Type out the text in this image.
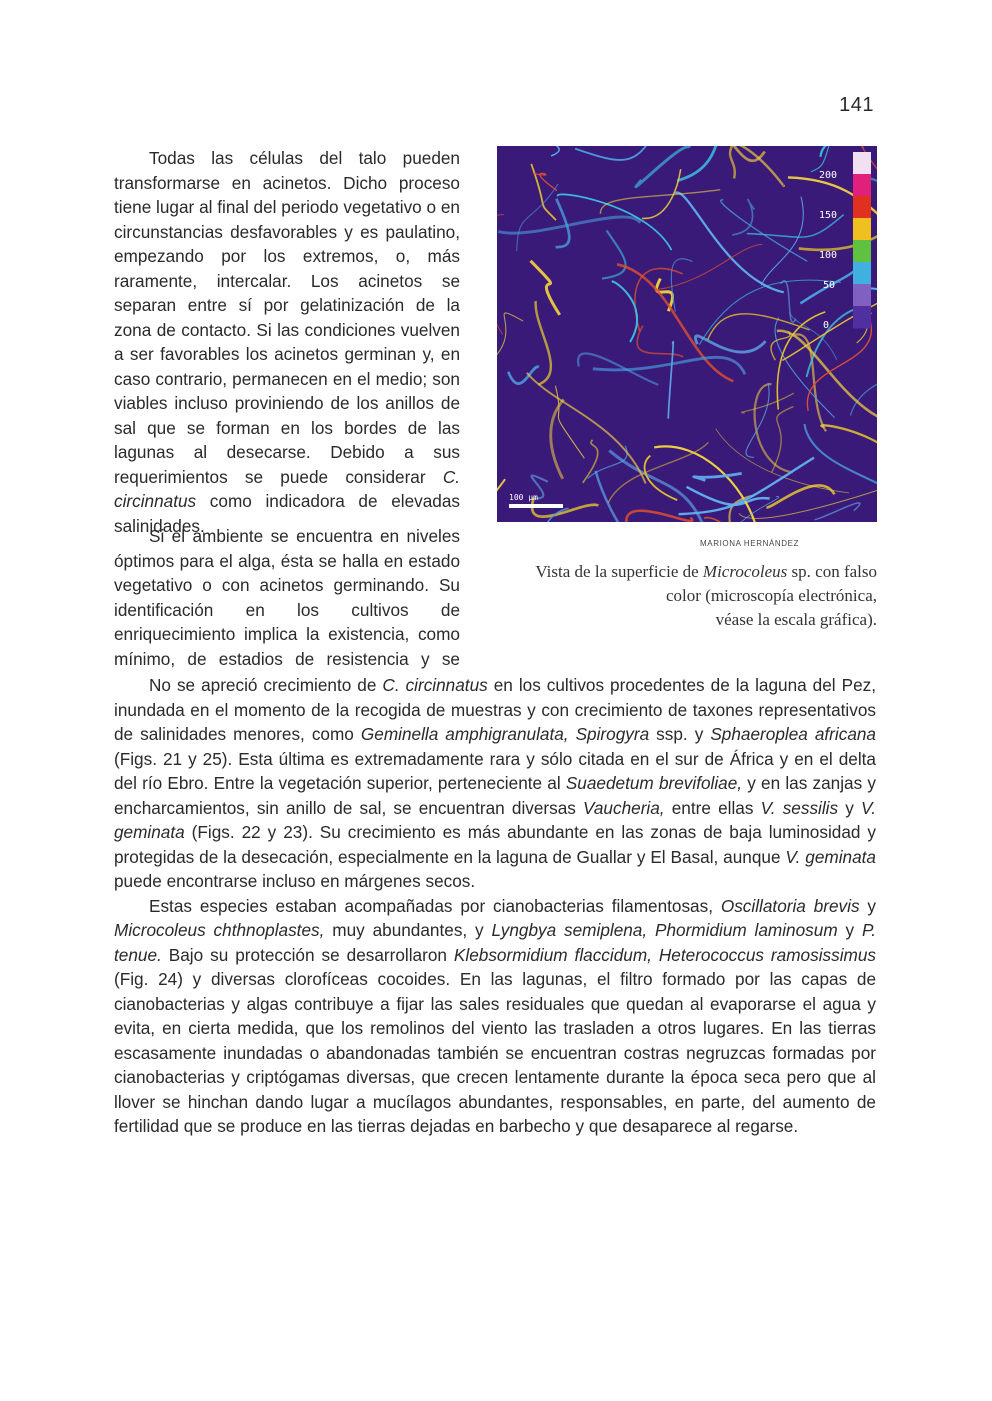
141

Todas las células del talo pueden transformarse en acinetos. Dicho proceso tiene lugar al final del periodo vegetativo o en circunstancias desfavorables y es paulatino, empezando por los extremos, o, más raramente, intercalar. Los acinetos se separan entre sí por gelatinización de la zona de contacto. Si las condiciones vuelven a ser favorables los acinetos germinan y, en caso contrario, permanecen en el medio; son viables incluso proviniendo de los anillos de sal que se forman en los bordes de las lagunas al desecarse. Debido a sus requerimientos se puede considerar C. circinnatus como indicadora de elevadas salinidades.

No se apreció crecimiento de C. circinnatus en los cultivos procedentes de la laguna del Pez, inundada en el momento de la recogida de muestras y con crecimiento de taxones representativos de salinidades menores, como Geminella amphigranulata, Spirogyra ssp. y Sphaeroplea africana (Figs. 21 y 25). Esta última es extremadamente rara y sólo citada en el sur de África y en el delta del río Ebro. Entre la vegetación superior, perteneciente al Suaedetum brevifoliae, y en las zanjas y encharcamientos, sin anillo de sal, se encuentran diversas Vaucheria, entre ellas V. sessilis y V. geminata (Figs. 22 y 23). Su crecimiento es más abundante en las zonas de baja luminosidad y protegidas de la desecación, especialmente en la laguna de Guallar y El Basal, aunque V. geminata puede encontrarse incluso en márgenes secos.

Estas especies estaban acompañadas por cianobacterias filamentosas, Oscillatoria brevis y Microcoleus chthnoplastes, muy abundantes, y Lyngbya semiplena, Phormidium laminosum y P. tenue. Bajo su protección se desarrollaron Klebsormidium flaccidum, Heterococcus ramosissimus (Fig. 24) y diversas clorofíceas cocoides. En las lagunas, el filtro formado por las capas de cianobacterias y algas contribuye a fijar las sales residuales que quedan al evaporarse el agua y evita, en cierta medida, que los remolinos del viento las trasladen a otros lugares. En las tierras escasamente inundadas o abandonadas también se encuentran costras negruzcas formadas por cianobacterias y criptógamas diversas, que crecen lentamente durante la época seca pero que al llover se hinchan dando lugar a mucílagos abundantes, responsables, en parte, del aumento de fertilidad que se produce en las tierras dejadas en barbecho y que desaparece al regarse.

Si el ambiente se encuentra en niveles óptimos para el alga, ésta se halla en estado vegetativo o con acinetos germinando. Su identificación en los cultivos de enriquecimiento implica la existencia, como mínimo, de estadios de resistencia y se

200
150
100
50
0
100 μm
MARIONA HERNÁNDEZ
Vista de la superficie de Microcoleus sp. con falso
color (microscopía electrónica,
véase la escala gráfica).
